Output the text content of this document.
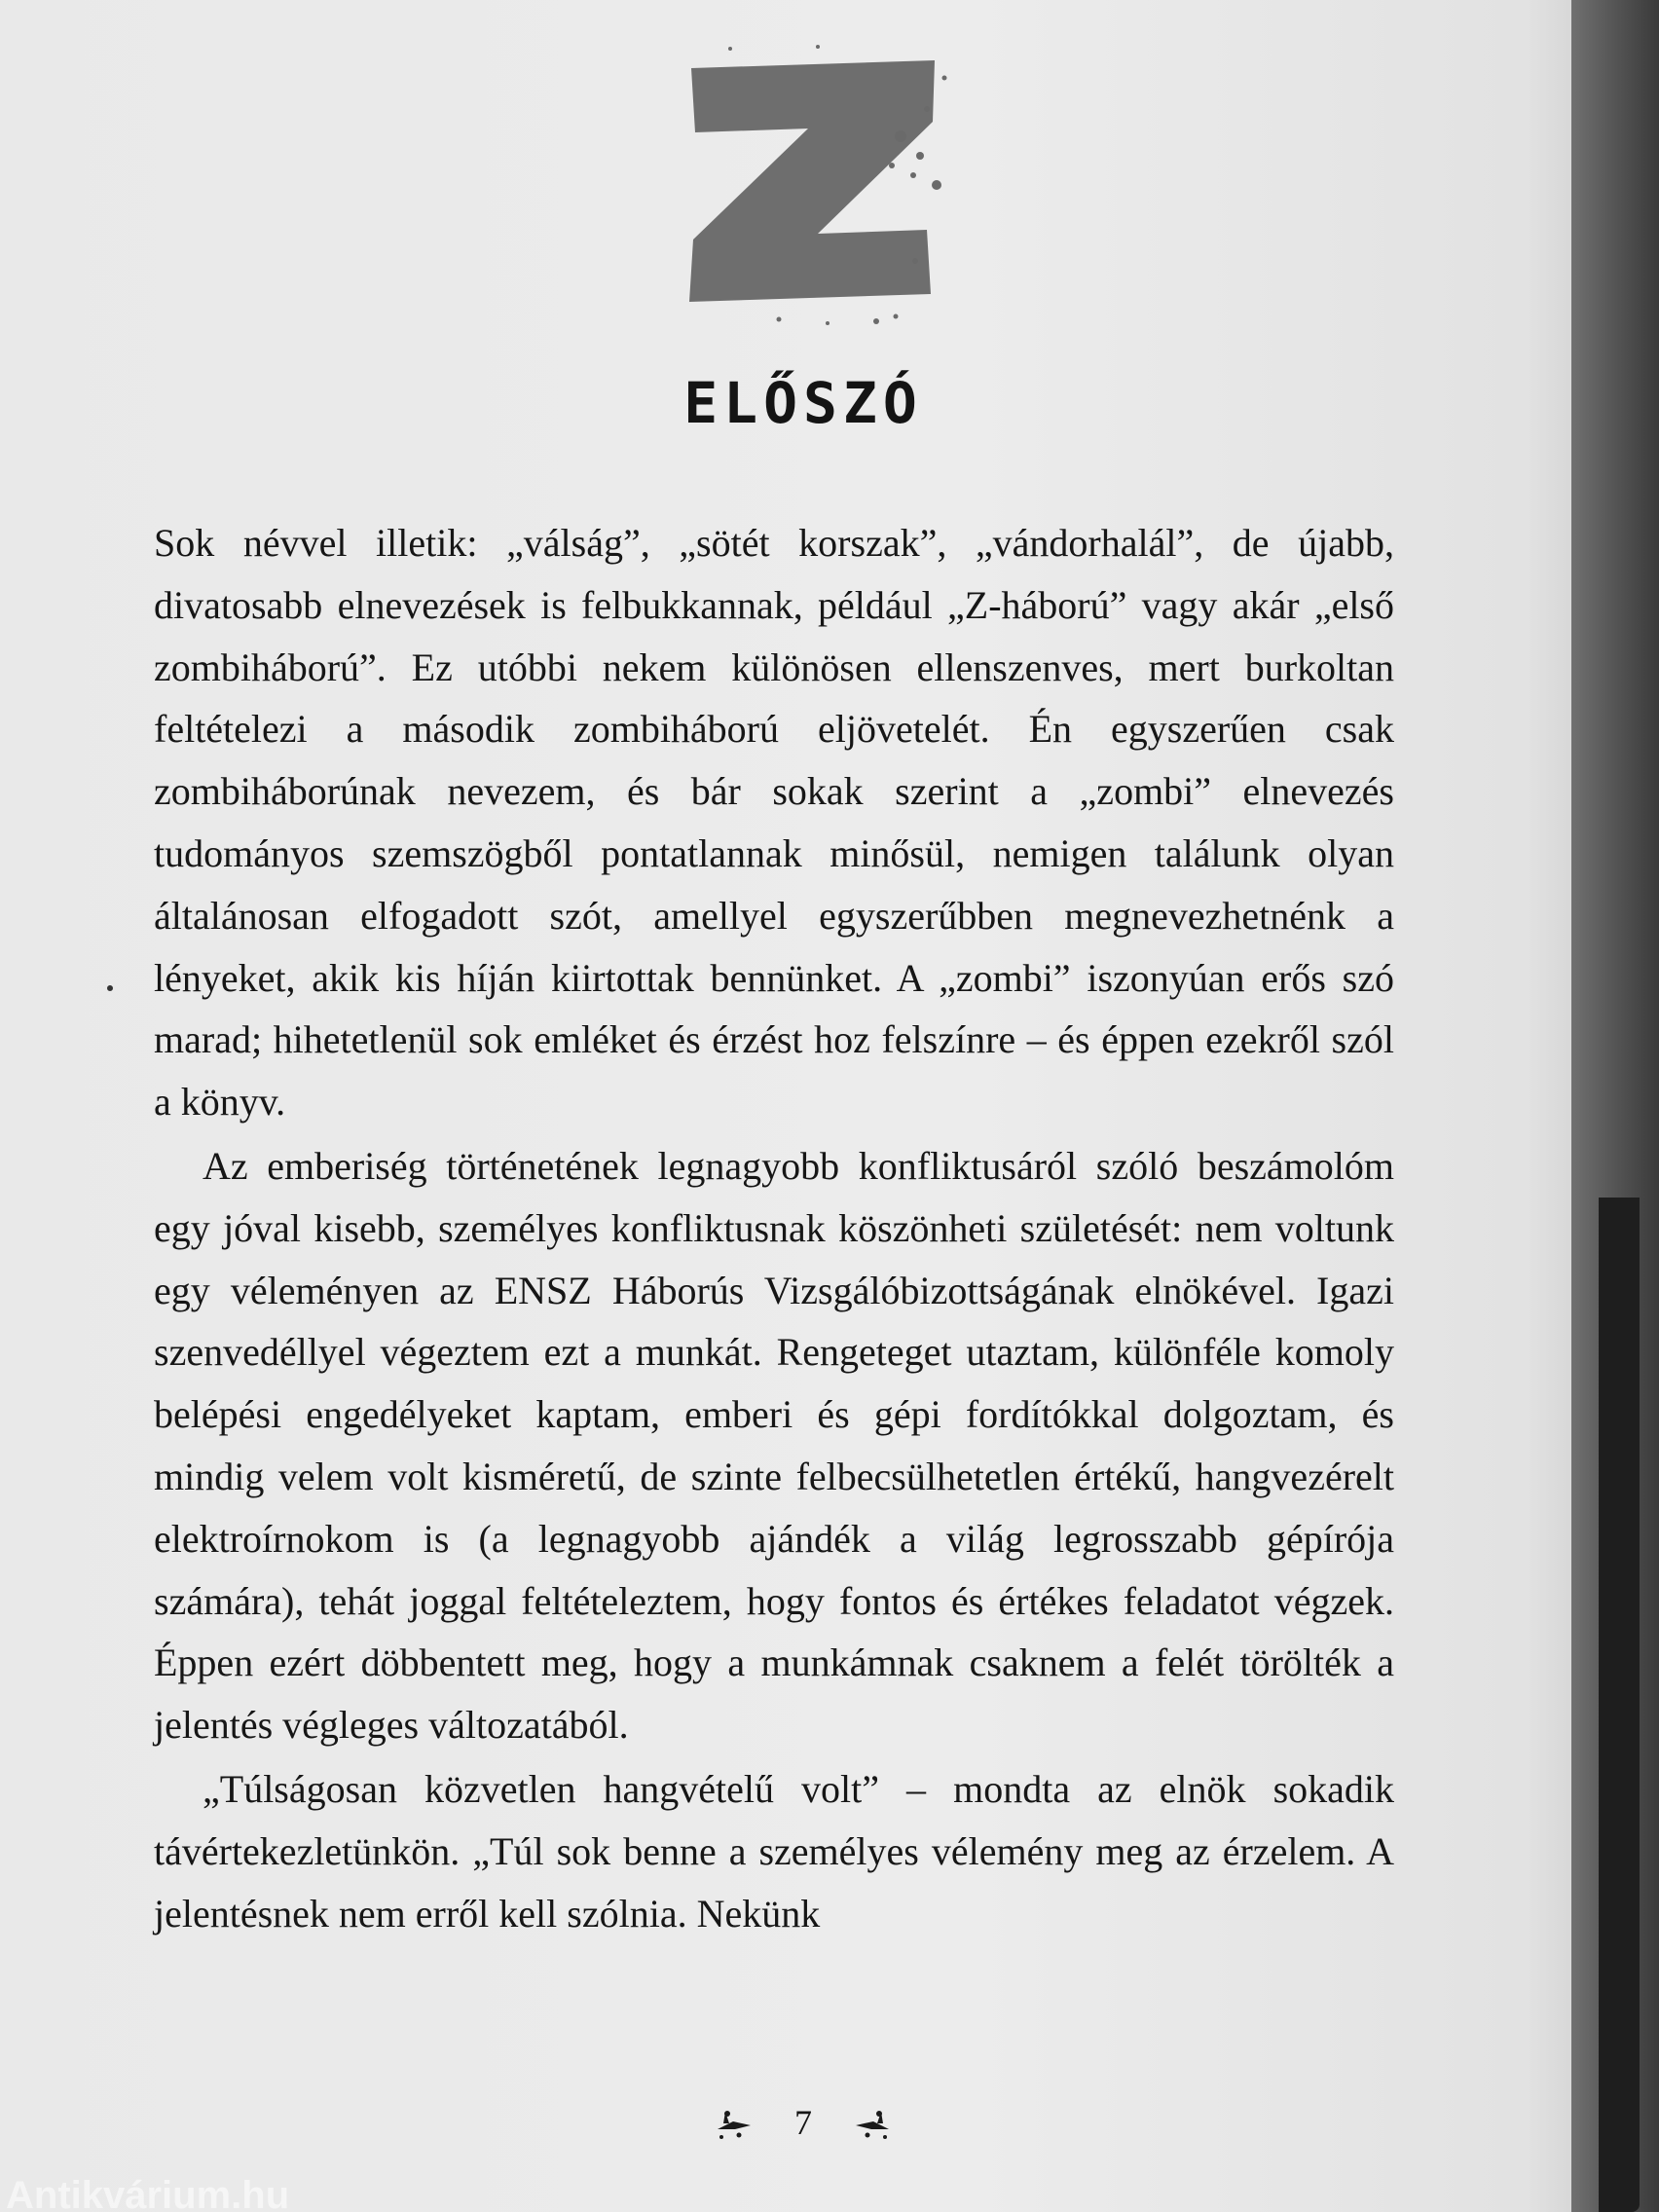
ELŐSZÓ

Sok névvel illetik: „válság”, „sötét korszak”, „vándorhalál”, de újabb, divatosabb elnevezések is felbukkannak, például „Z-háború” vagy akár „első zombiháború”. Ez utóbbi nekem különösen ellenszenves, mert burkoltan feltételezi a második zombiháború eljövetelét. Én egyszerűen csak zombiháborúnak nevezem, és bár sokak szerint a „zombi” elnevezés tudományos szemszögből pontatlannak minősül, nemigen találunk olyan általánosan elfogadott szót, amellyel egyszerűbben megnevezhetnénk a lényeket, akik kis híján kiirtottak bennünket. A „zombi” iszonyúan erős szó marad; hihetetlenül sok emléket és érzést hoz felszínre – és éppen ezekről szól a könyv.

Az emberiség történetének legnagyobb konfliktusáról szóló beszámolóm egy jóval kisebb, személyes konfliktusnak köszönheti születését: nem voltunk egy véleményen az ENSZ Háborús Vizsgálóbizottságának elnökével. Igazi szenvedéllyel végeztem ezt a munkát. Rengeteget utaztam, különféle komoly belépési engedélyeket kaptam, emberi és gépi fordítókkal dolgoztam, és mindig velem volt kisméretű, de szinte felbecsülhetetlen értékű, hangvezérelt elektroírnokom is (a legnagyobb ajándék a világ legrosszabb gépírója számára), tehát joggal feltételeztem, hogy fontos és értékes feladatot végzek. Éppen ezért döbbentett meg, hogy a munkámnak csaknem a felét törölték a jelentés végleges változatából.

„Túlságosan közvetlen hangvételű volt” – mondta az elnök sokadik távértekezletünkön. „Túl sok benne a személyes vélemény meg az érzelem. A jelentésnek nem erről kell szólnia. Nekünk

7
Antikvárium.hu
